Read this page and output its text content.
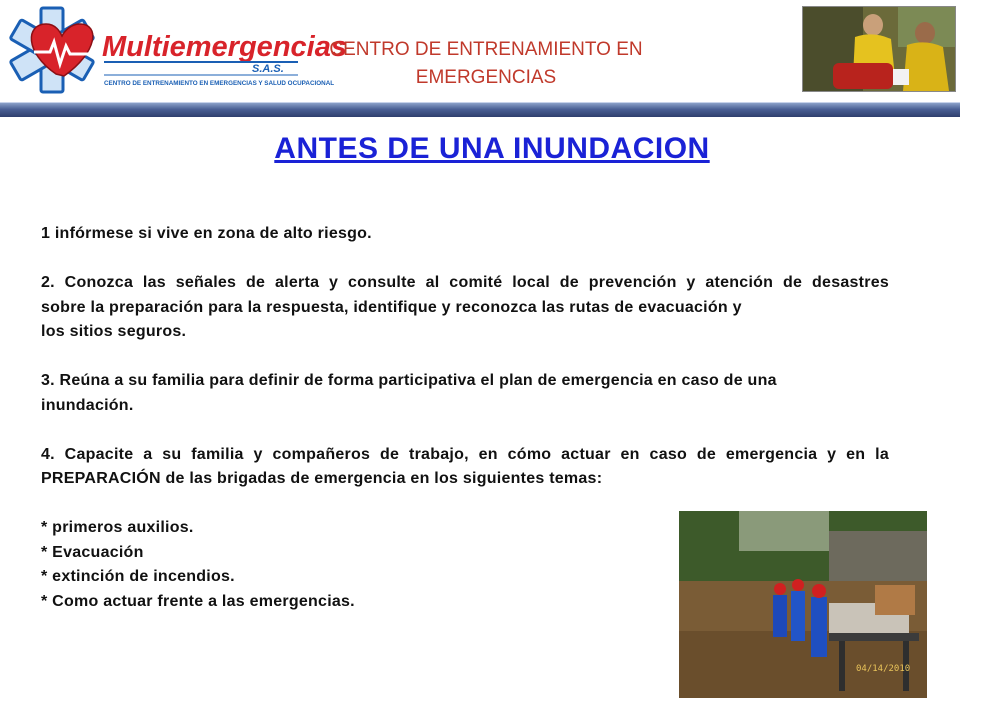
Multiemergencias
S.A.S.
CENTRO DE ENTRENAMIENTO EN EMERGENCIAS Y SALUD OCUPACIONAL
CENTRO DE ENTRENAMIENTO EN
EMERGENCIAS
ANTES DE UNA INUNDACION

1 infórmese si vive en zona de alto riesgo.

2. Conozca las señales de alerta y consulte al comité local de prevención y atención de desastres

sobre la preparación para la respuesta, identifique y reconozca las rutas de evacuación y

los sitios seguros.

3. Reúna a su familia para definir de forma participativa el plan de emergencia en caso de una

inundación.

4. Capacite a su familia y compañeros de trabajo, en cómo actuar en caso de emergencia y en la

PREPARACIÓN de las brigadas de emergencia en los siguientes temas:

* primeros auxilios.

* Evacuación

* extinción de incendios.

* Como actuar frente a las emergencias.

04/14/2010
